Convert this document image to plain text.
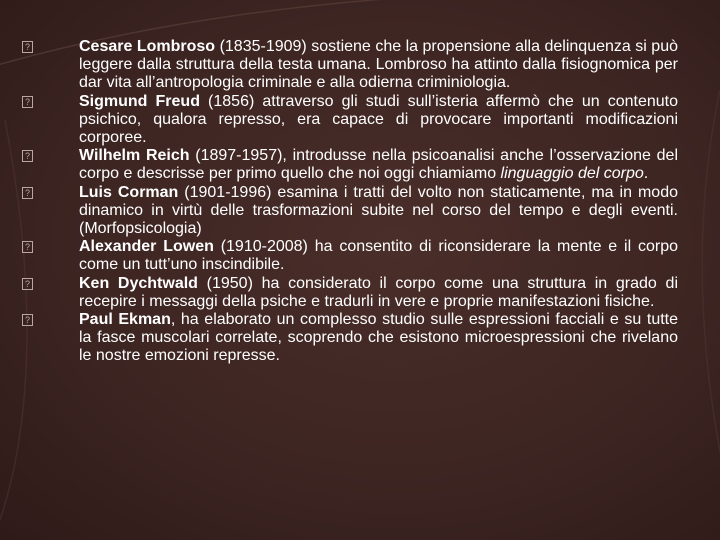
?	Cesare Lombroso (1835-1909) sostiene che la propensione alla delinquenza si può leggere dalla struttura della testa umana. Lombroso ha attinto dalla fisiognomica per dar vita all’antropologia criminale e alla odierna criminiologia.
?	Sigmund Freud (1856) attraverso gli studi sull’isteria affermò che un contenuto psichico, qualora represso, era capace di provocare importanti modificazioni corporee.
?	Wilhelm Reich (1897-1957), introdusse nella psicoanalisi anche l’osservazione del corpo e descrisse per primo quello che noi oggi chiamiamo linguaggio del corpo.
?	Luis Corman (1901-1996) esamina i tratti del volto non staticamente, ma in modo dinamico in virtù delle trasformazioni subite nel corso del tempo e degli eventi. (Morfopsicologia)
?	Alexander Lowen (1910-2008) ha consentito di riconsiderare la mente e il corpo come un tutt’uno inscindibile.
?	Ken Dychtwald (1950) ha considerato il corpo come una struttura in grado di recepire i messaggi della psiche e tradurli in vere e proprie manifestazioni fisiche.
?	Paul Ekman, ha elaborato un complesso studio sulle espressioni facciali e su tutte la fasce muscolari correlate, scoprendo che esistono microespressioni che rivelano le nostre emozioni represse.
